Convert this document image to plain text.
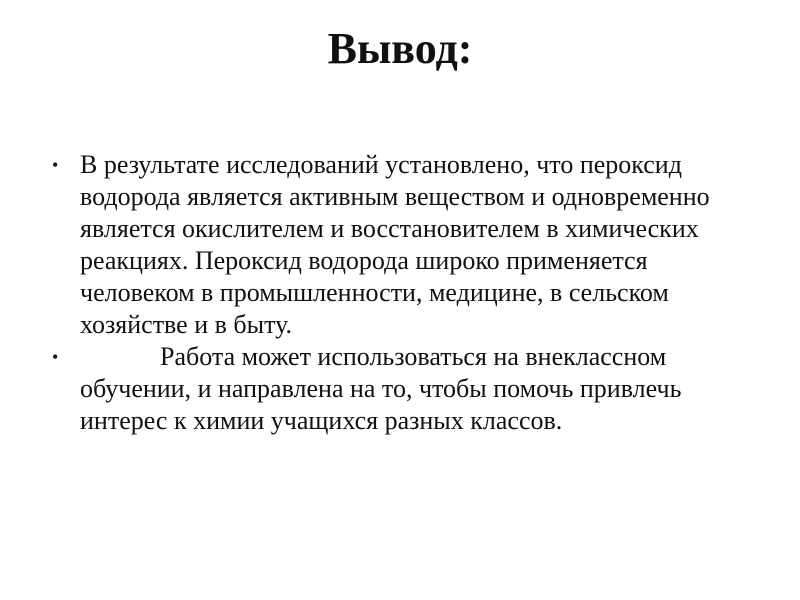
Вывод:
• В результате исследований установлено, что пероксид водорода является активным веществом и одновременно является окислителем и восстановителем в химических реакциях. Пероксид водорода широко применяется человеком в промышленности, медицине, в сельском хозяйстве и в быту.
•	Работа может использоваться на внеклассном обучении, и направлена на то, чтобы помочь привлечь интерес к химии учащихся разных классов.
